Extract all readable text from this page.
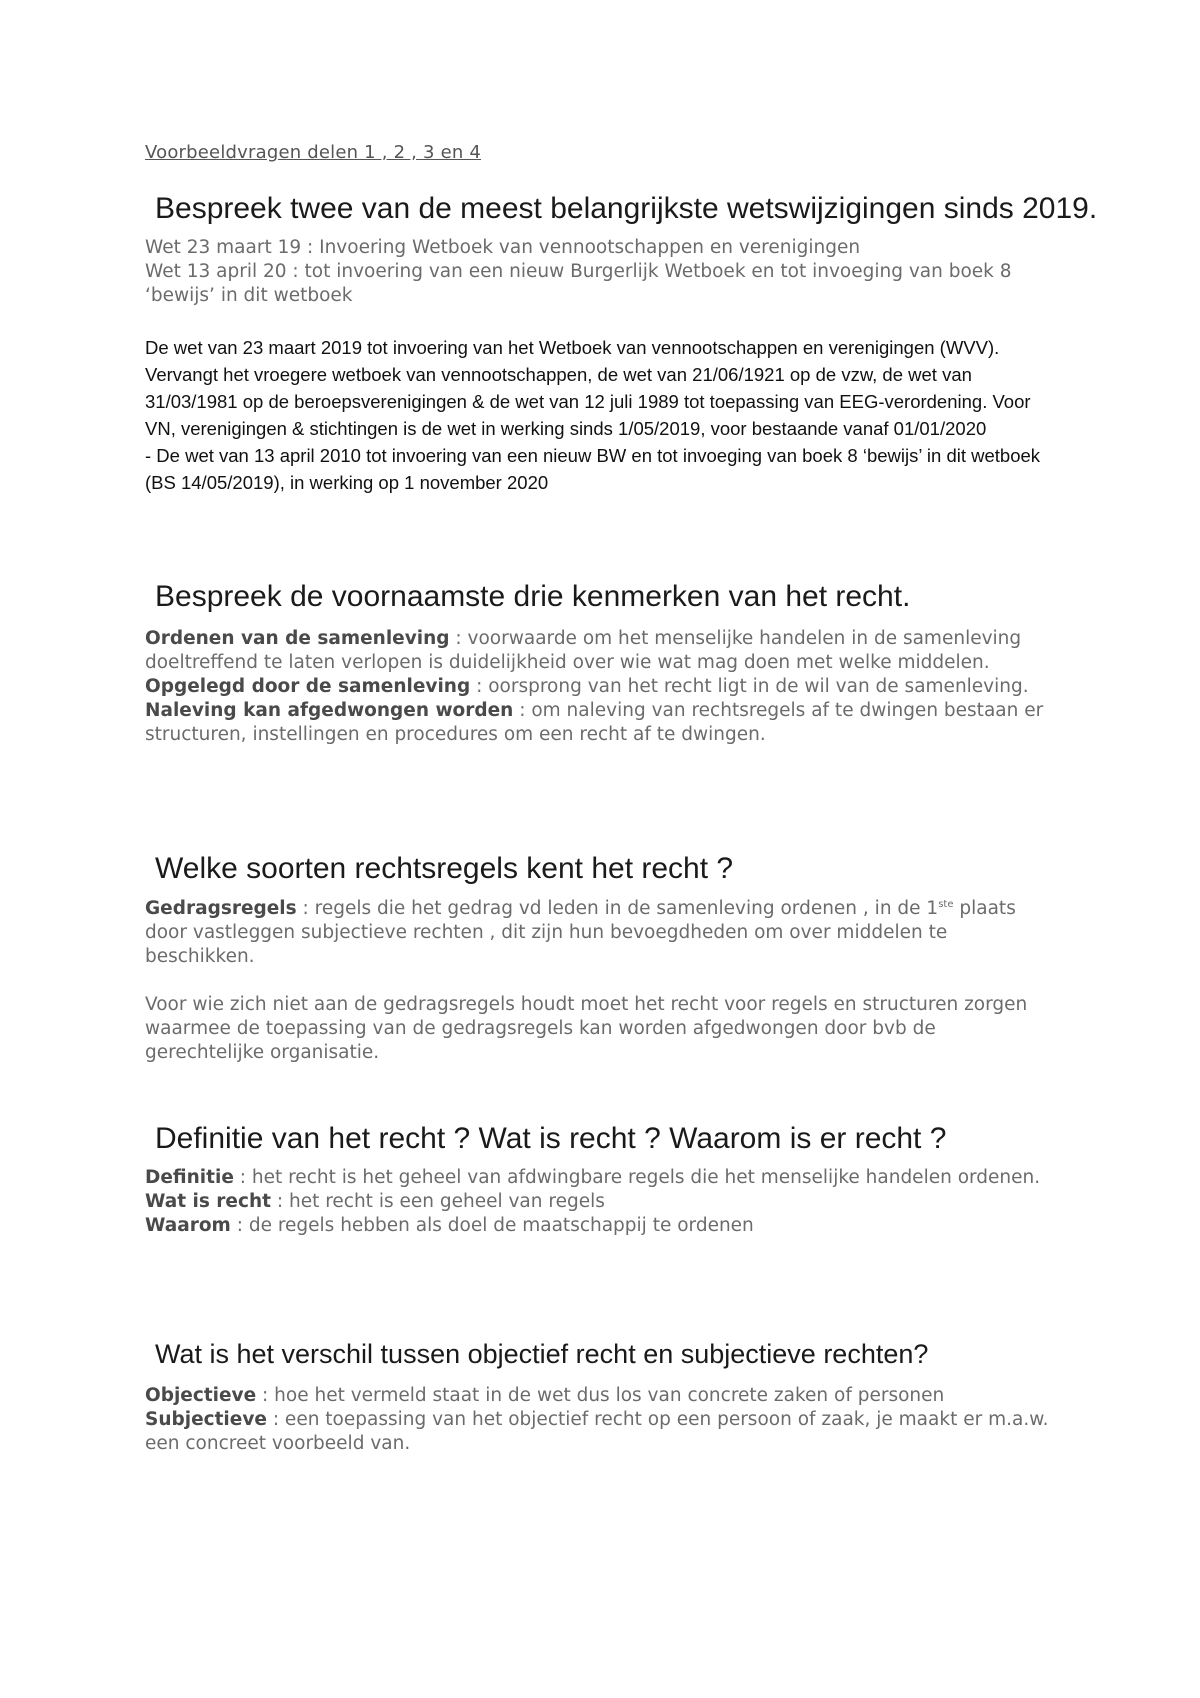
Voorbeeldvragen delen 1 , 2 , 3 en 4
Bespreek twee van de meest belangrijkste wetswijzigingen sinds 2019.

Wet 23 maart 19 : Invoering Wetboek van vennootschappen en verenigingen

Wet 13 april 20 : tot invoering van een nieuw Burgerlijk Wetboek en tot invoeging van boek 8 ‘bewijs’ in dit wetboek

De wet van 23 maart 2019 tot invoering van het Wetboek van vennootschappen en verenigingen (WVV). Vervangt het vroegere wetboek van vennootschappen, de wet van 21/06/1921 op de vzw, de wet van 31/03/1981 op de beroepsverenigingen & de wet van 12 juli 1989 tot toepassing van EEG-verordening. Voor VN, verenigingen & stichtingen is de wet in werking sinds 1/05/2019, voor bestaande vanaf 01/01/2020

- De wet van 13 april 2010 tot invoering van een nieuw BW en tot invoeging van boek 8 ‘bewijs’ in dit wetboek (BS 14/05/2019), in werking op 1 november 2020

Bespreek de voornaamste drie kenmerken van het recht.

Ordenen van de samenleving : voorwaarde om het menselijke handelen in de samenleving doeltreffend te laten verlopen is duidelijkheid over wie wat mag doen met welke middelen.

Opgelegd door de samenleving : oorsprong van het recht ligt in de wil van de samenleving.

Naleving kan afgedwongen worden : om naleving van rechtsregels af te dwingen bestaan er structuren, instellingen en procedures om een recht af te dwingen.

Welke soorten rechtsregels kent het recht ?

Gedragsregels : regels die het gedrag vd leden in de samenleving ordenen , in de 1ste plaats door vastleggen subjectieve rechten , dit zijn hun bevoegdheden om over middelen te beschikken.

Voor wie zich niet aan de gedragsregels houdt moet het recht voor regels en structuren zorgen waarmee de toepassing van de gedragsregels kan worden afgedwongen door bvb de gerechtelijke organisatie.

Definitie van het recht ? Wat is recht ? Waarom is er recht ?

Definitie : het recht is het geheel van afdwingbare regels die het menselijke handelen ordenen.

Wat is recht : het recht is een geheel van regels

Waarom : de regels hebben als doel de maatschappij te ordenen

Wat is het verschil tussen objectief recht en subjectieve rechten?

Objectieve : hoe het vermeld staat in de wet dus los van concrete zaken of personen

Subjectieve : een toepassing van het objectief recht op een persoon of zaak, je maakt er m.a.w. een concreet voorbeeld van.
